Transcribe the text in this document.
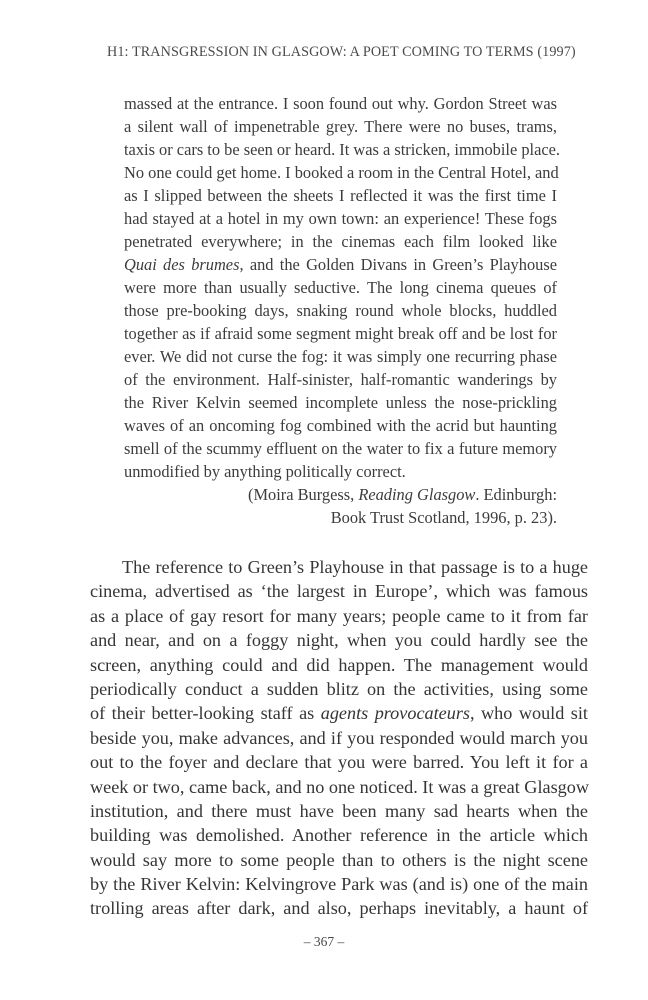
H1: TRANSGRESSION IN GLASGOW: A POET COMING TO TERMS (1997)
massed at the entrance. I soon found out why. Gordon Street was
a silent wall of impenetrable grey. There were no buses, trams,
taxis or cars to be seen or heard. It was a stricken, immobile place.
No one could get home. I booked a room in the Central Hotel, and
as I slipped between the sheets I reflected it was the first time I
had stayed at a hotel in my own town: an experience! These fogs
penetrated everywhere; in the cinemas each film looked like
Quai des brumes, and the Golden Divans in Green’s Playhouse
were more than usually seductive. The long cinema queues of
those pre-booking days, snaking round whole blocks, huddled
together as if afraid some segment might break off and be lost for
ever. We did not curse the fog: it was simply one recurring phase
of the environment. Half-sinister, half-romantic wanderings by
the River Kelvin seemed incomplete unless the nose-prickling
waves of an oncoming fog combined with the acrid but haunting
smell of the scummy effluent on the water to fix a future memory
unmodified by anything politically correct.
(Moira Burgess, Reading Glasgow. Edinburgh:
Book Trust Scotland, 1996, p. 23).
The reference to Green’s Playhouse in that passage is to a huge
cinema, advertised as ‘the largest in Europe’, which was famous
as a place of gay resort for many years; people came to it from far
and near, and on a foggy night, when you could hardly see the
screen, anything could and did happen. The management would
periodically conduct a sudden blitz on the activities, using some
of their better-looking staff as agents provocateurs, who would sit
beside you, make advances, and if you responded would march you
out to the foyer and declare that you were barred. You left it for a
week or two, came back, and no one noticed. It was a great Glasgow
institution, and there must have been many sad hearts when the
building was demolished. Another reference in the article which
would say more to some people than to others is the night scene
by the River Kelvin: Kelvingrove Park was (and is) one of the main
trolling areas after dark, and also, perhaps inevitably, a haunt of
– 367 –
